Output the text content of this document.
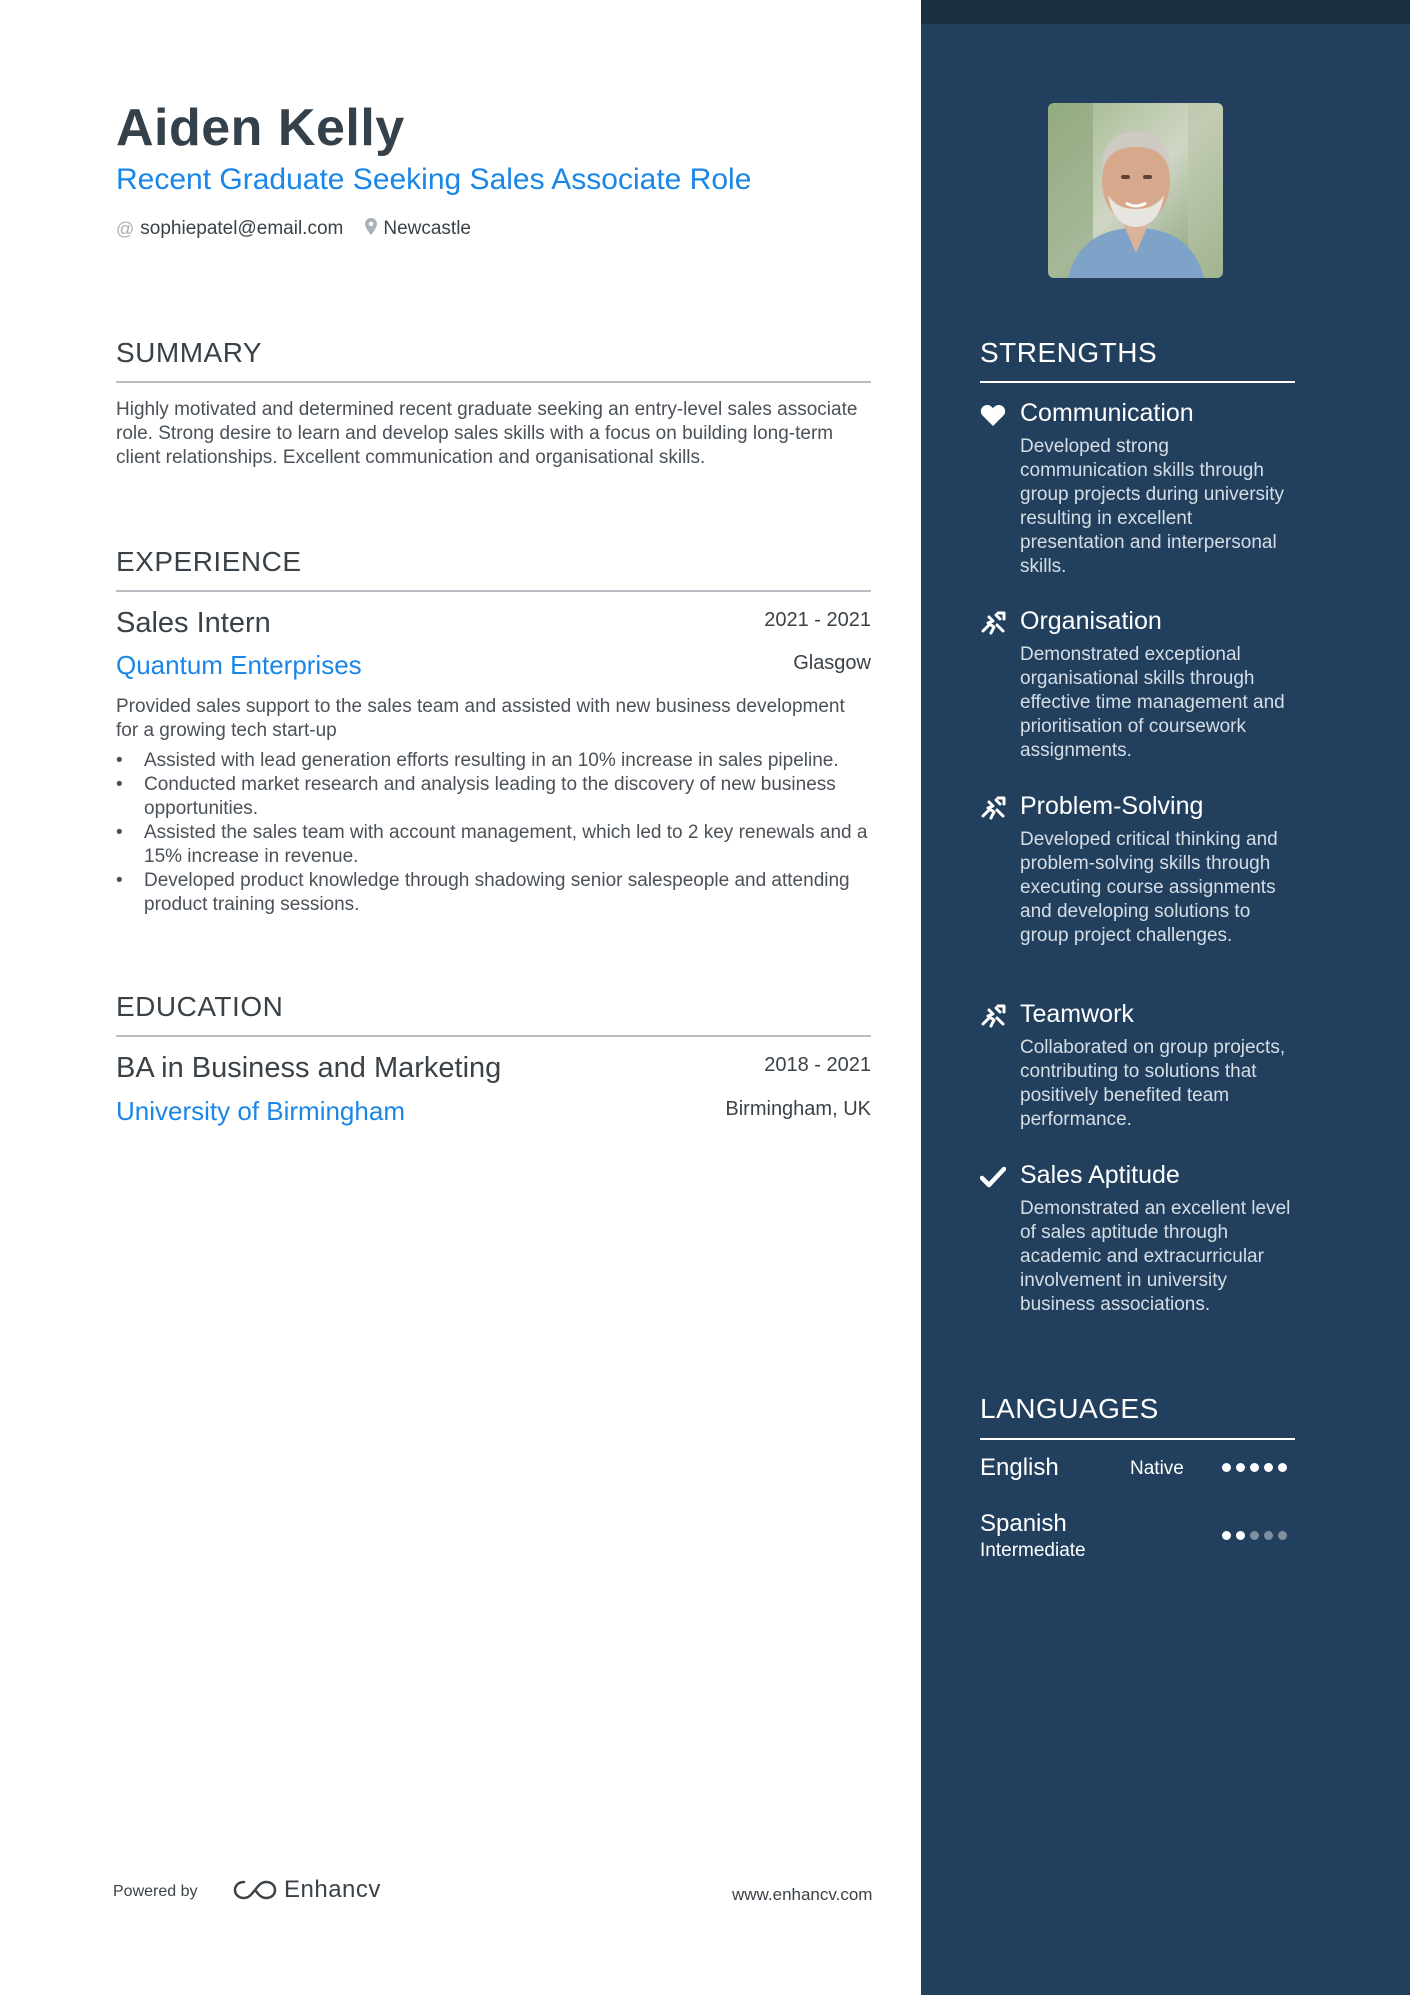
Aiden Kelly
Recent Graduate Seeking Sales Associate Role
@ sophiepatel@email.com Newcastle
SUMMARY

Highly motivated and determined recent graduate seeking an entry-level sales associate role. Strong desire to learn and develop sales skills with a focus on building long-term client relationships. Excellent communication and organisational skills.

EXPERIENCE
Sales Intern	2021 - 2021
Quantum Enterprises	Glasgow

Provided sales support to the sales team and assisted with new business development for a growing tech start-up

• Assisted with lead generation efforts resulting in an 10% increase in sales pipeline.
• Conducted market research and analysis leading to the discovery of new business opportunities.
• Assisted the sales team with account management, which led to 2 key renewals and a 15% increase in revenue.
• Developed product knowledge through shadowing senior salespeople and attending product training sessions.
EDUCATION
BA in Business and Marketing	2018 - 2021
University of Birmingham	Birmingham, UK
STRENGTHS
Communication

Developed strong communication skills through group projects during university resulting in excellent presentation and interpersonal skills.

Organisation

Demonstrated exceptional organisational skills through effective time management and prioritisation of coursework assignments.

Problem-Solving

Developed critical thinking and problem-solving skills through executing course assignments and developing solutions to group project challenges.

Teamwork

Collaborated on group projects, contributing to solutions that positively benefited team performance.

Sales Aptitude

Demonstrated an excellent level of sales aptitude through academic and extracurricular involvement in university business associations.

LANGUAGES
English	Native
Spanish
Intermediate
Powered by	Enhancv	www.enhancv.com
